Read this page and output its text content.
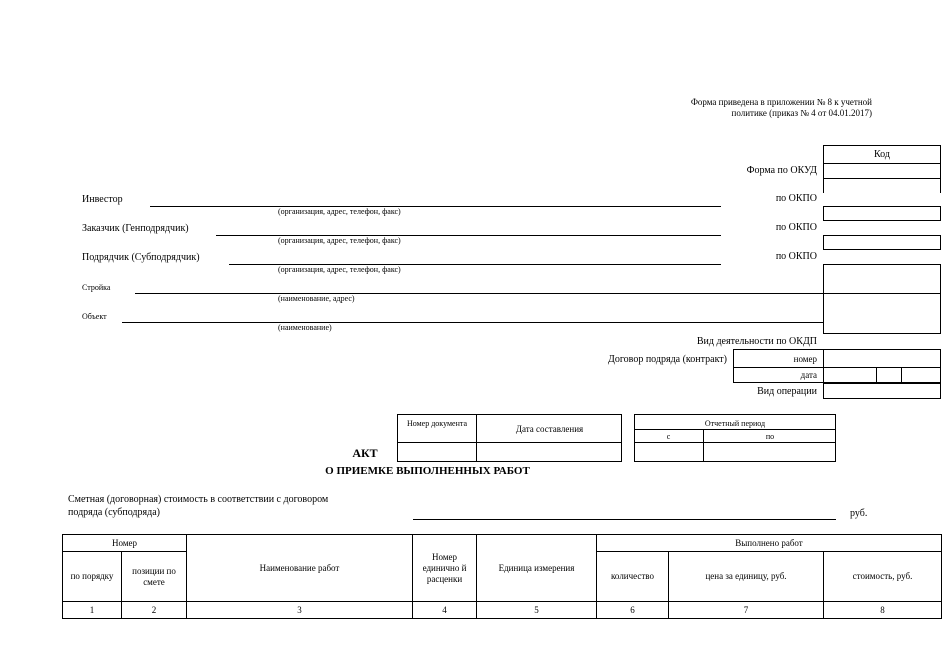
Форма приведена в приложении № 8 к учетной
политике (приказ № 4 от 04.01.2017)
Код
номер
дата
Форма по ОКУД
по ОКПО
по ОКПО
по ОКПО
Вид деятельности по ОКДП
Договор подряда (контракт)
Вид операции
Инвестор
(организация, адрес, телефон, факс)
Заказчик (Генподрядчик)
(организация, адрес, телефон, факс)
Подрядчик (Субподрядчик)
(организация, адрес, телефон, факс)
Стройка
(наименование, адрес)
Объект
(наименование)
Номер документа
Дата составления
Отчетный период
с	по
АКТ
О ПРИЕМКЕ ВЫПОЛНЕННЫХ РАБОТ
Сметная (договорная) стоимость в соответствии с договором
подряда (субподряда)	руб.
Номер		Наименование работ	Номер единично й расценки	Единица измерения	Выполнено работ		
по порядку	позиции по смете				количество	цена за единицу, руб.	стоимость, руб.
1	2	3	4	5	6	7	8
